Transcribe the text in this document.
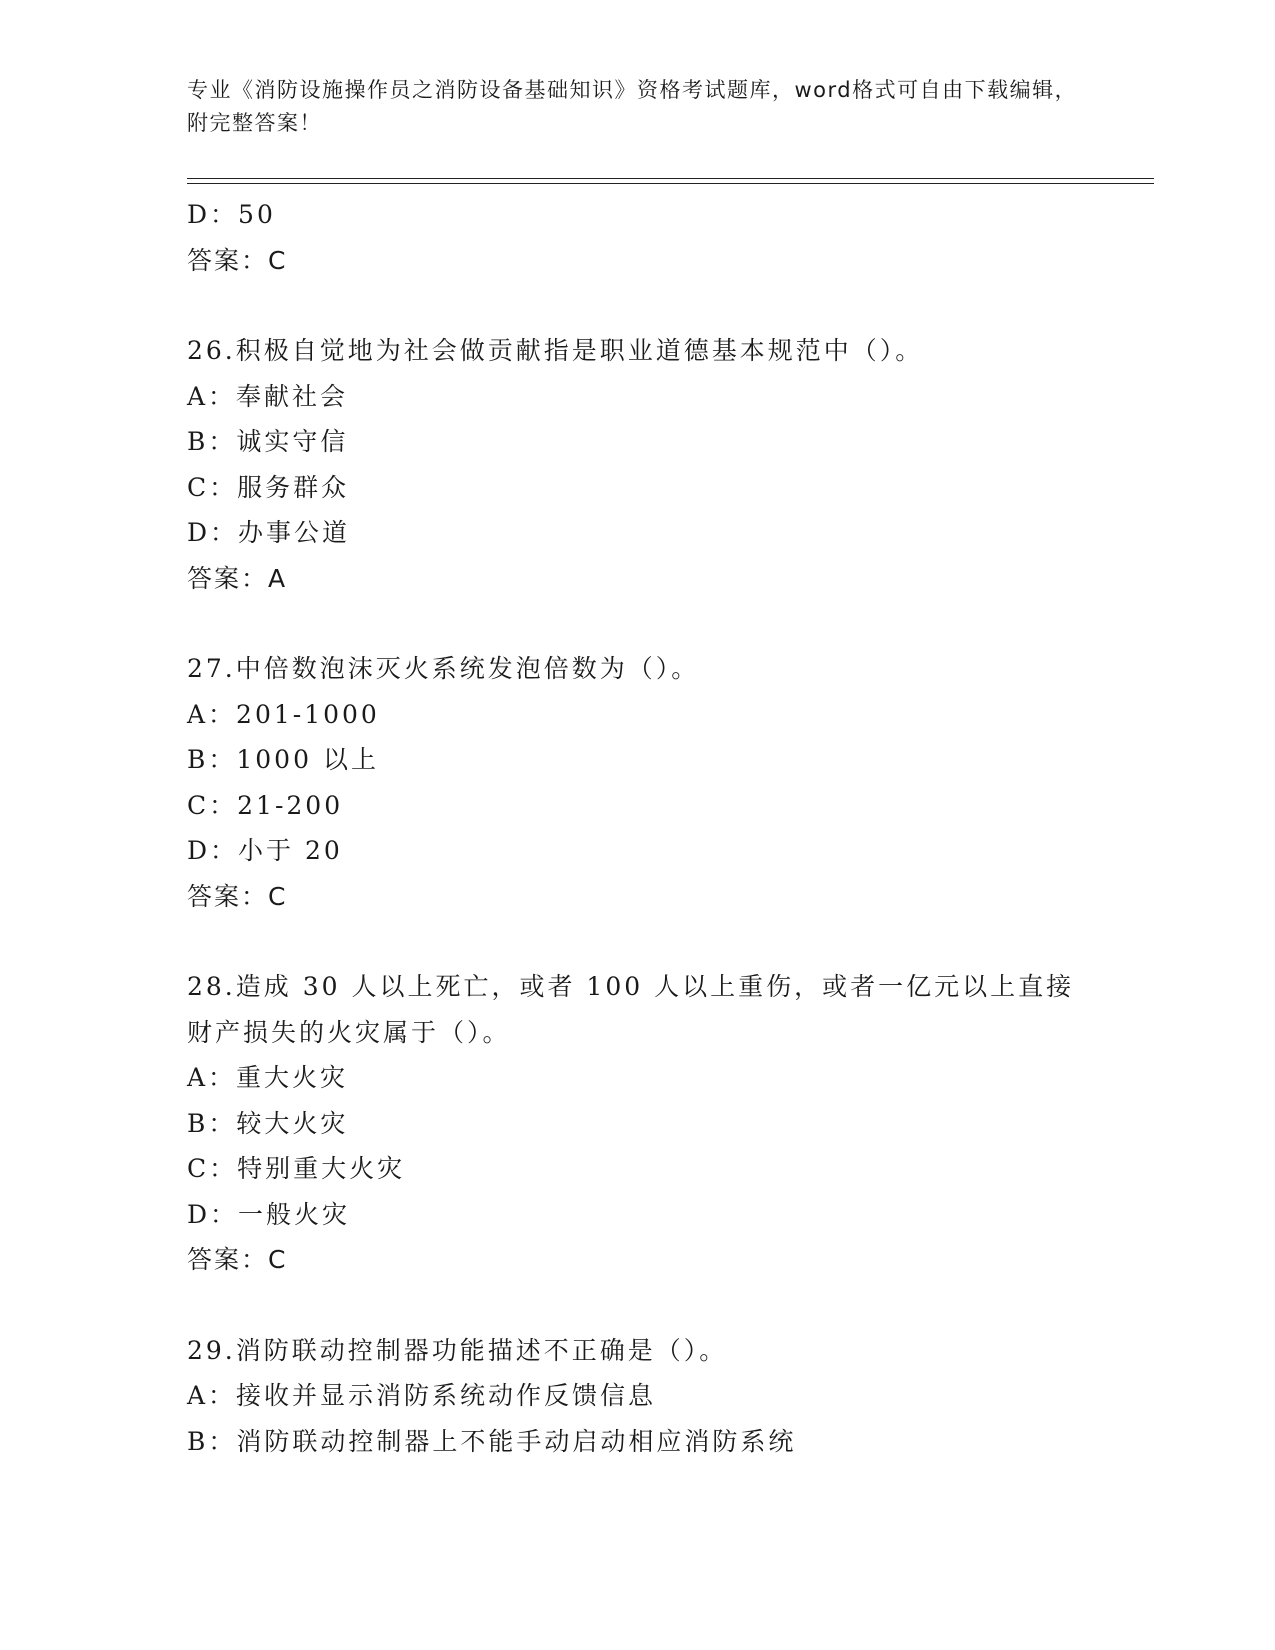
专业《消防设施操作员之消防设备基础知识》资格考试题库，word格式可自由下载编辑，附完整答案！
D：50
答案：C
26.积极自觉地为社会做贡献指是职业道德基本规范中（）。
A：奉献社会
B：诚实守信
C：服务群众
D：办事公道
答案：A
27.中倍数泡沫灭火系统发泡倍数为（）。
A：201-1000
B：1000 以上
C：21-200
D：小于 20
答案：C
28.造成 30 人以上死亡，或者 100 人以上重伤，或者一亿元以上直接财产损失的火灾属于（）。
A：重大火灾
B：较大火灾
C：特别重大火灾
D：一般火灾
答案：C
29.消防联动控制器功能描述不正确是（）。
A：接收并显示消防系统动作反馈信息
B：消防联动控制器上不能手动启动相应消防系统
